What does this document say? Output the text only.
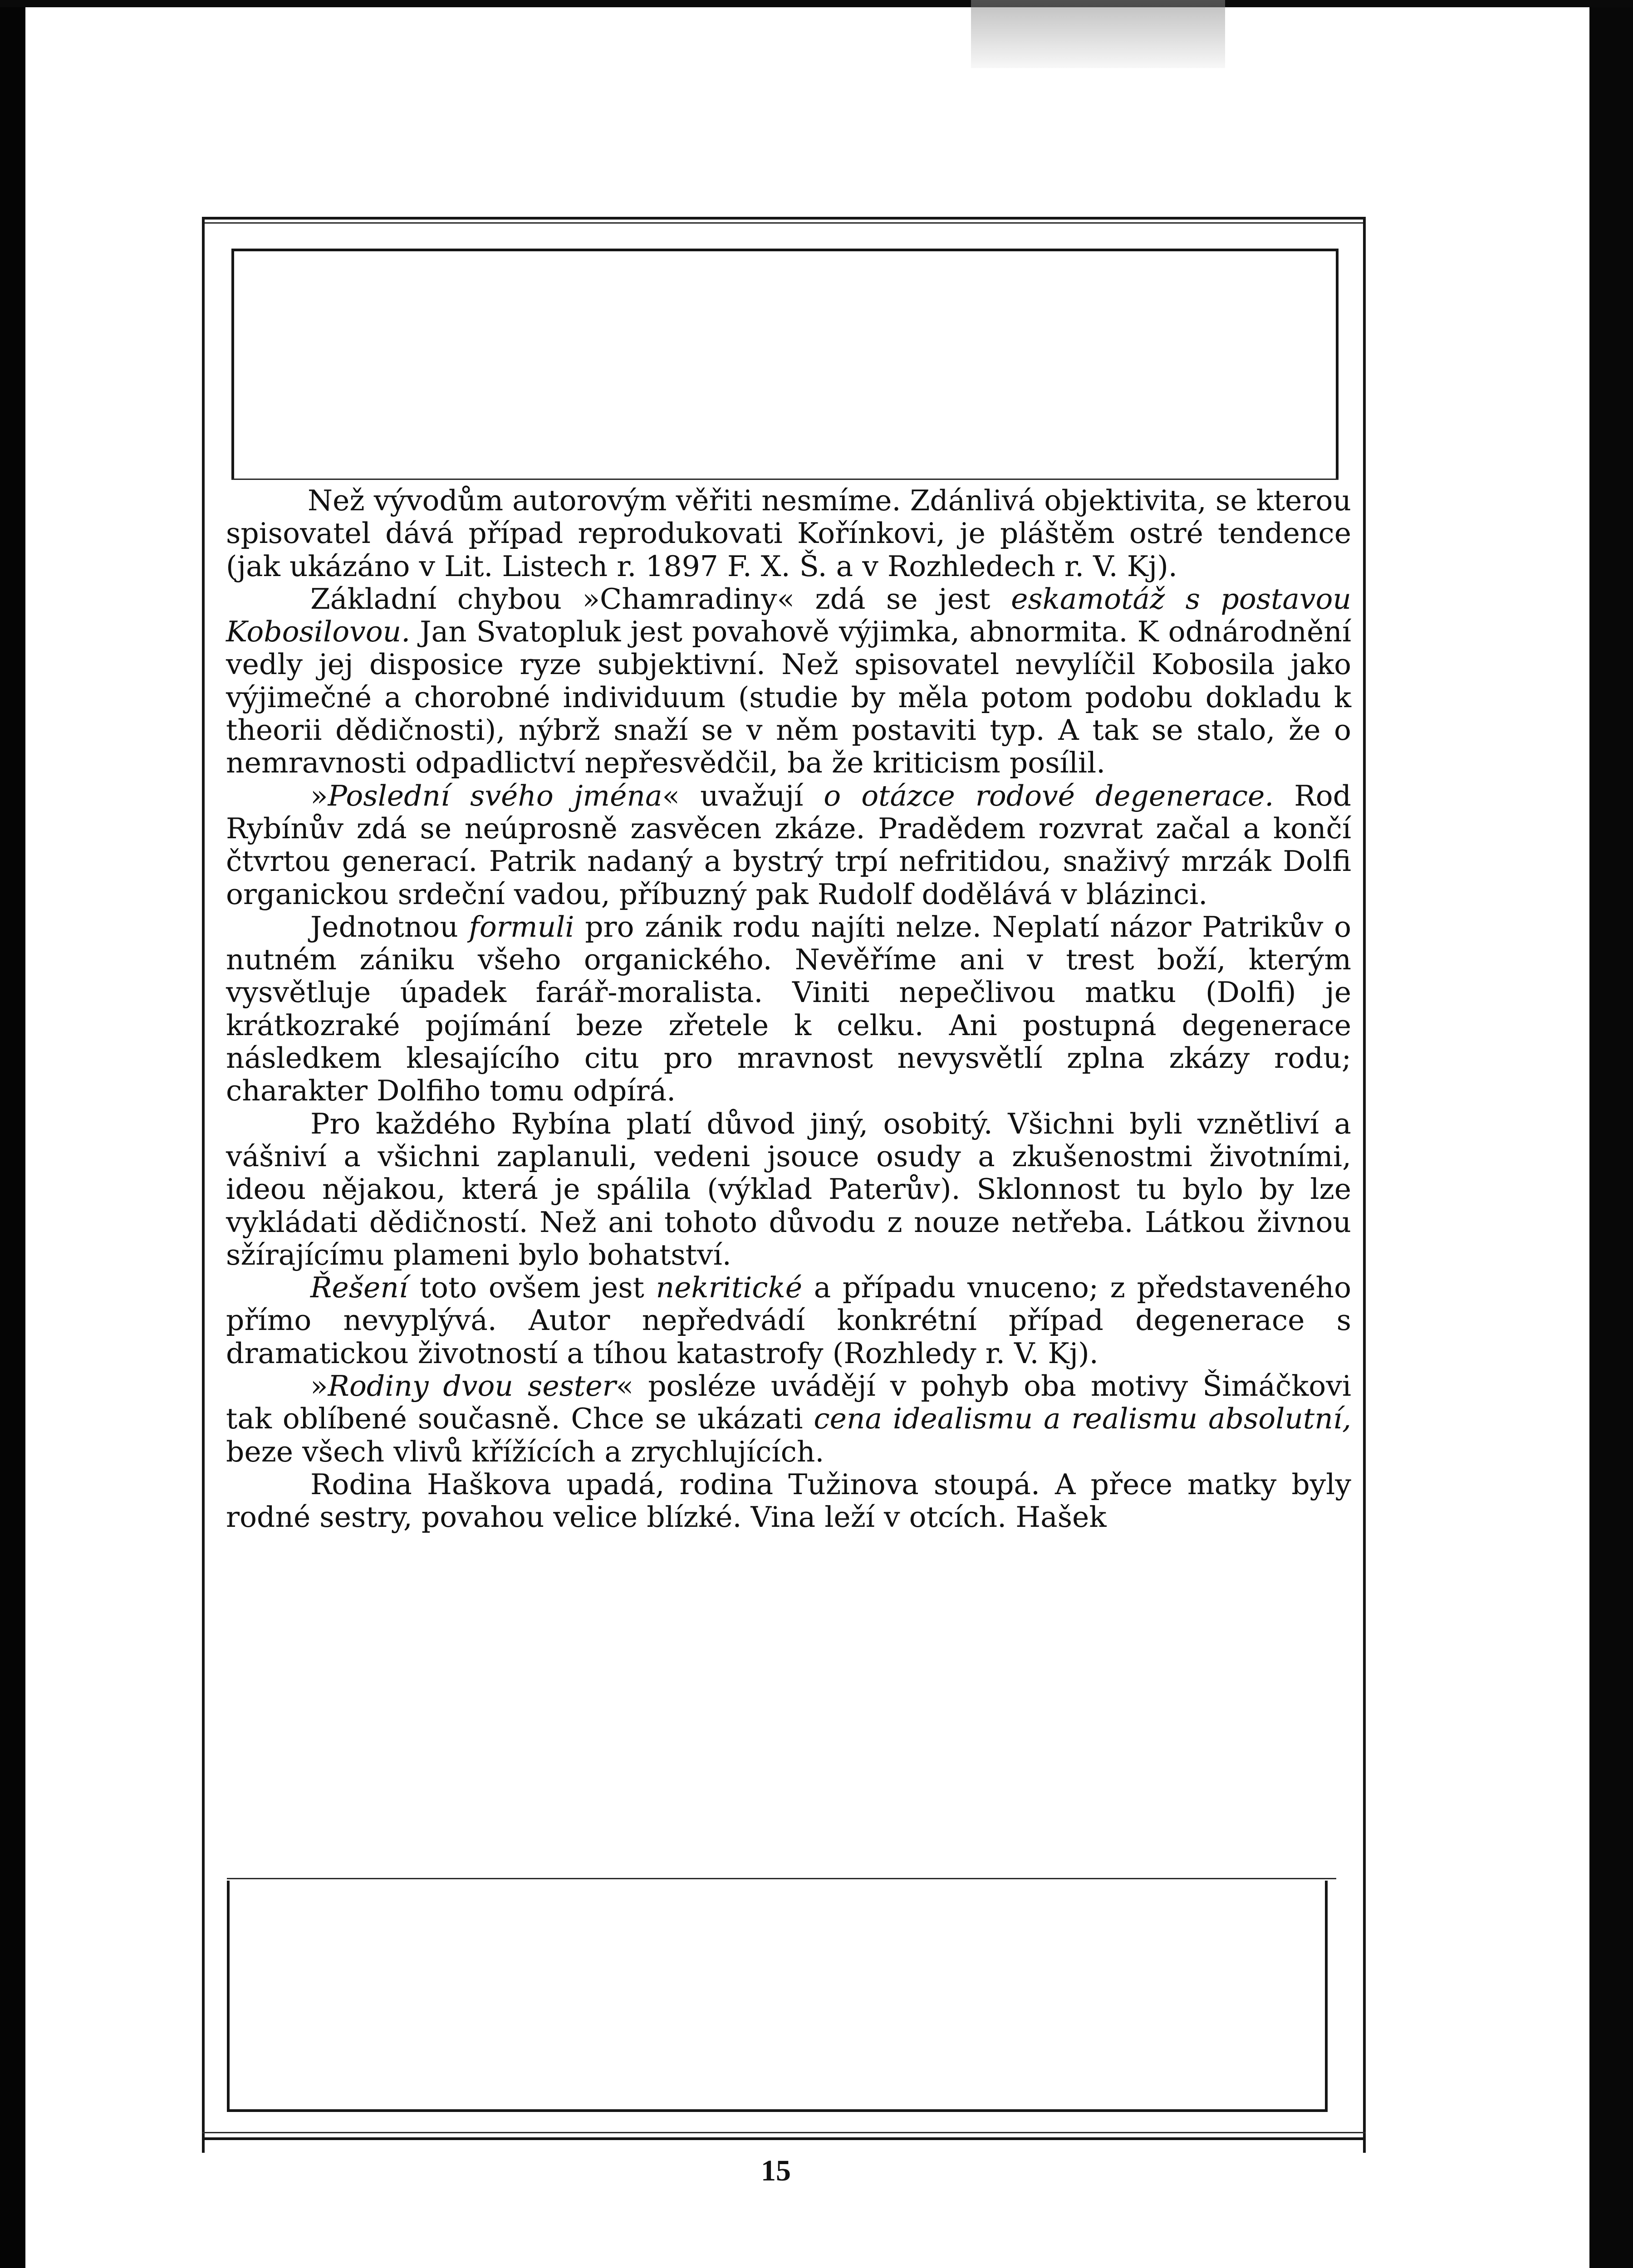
Než vývodům autorovým věřiti nesmíme. Zdánlivá objektivita, se kterou spisovatel dává případ reprodukovati Kořínkovi, je pláštěm ostré tendence (jak ukázáno v Lit. Listech r. 1897 F. X. Š. a v Rozhledech r. V. Kj).

Základní chybou »Chamradiny« zdá se jest eskamotáž s postavou Kobosilovou. Jan Svatopluk jest povahově výjimka, abnormita. K odnárodnění vedly jej disposice ryze subjektivní. Než spisovatel nevylíčil Kobosila jako výjimečné a chorobné individuum (studie by měla potom podobu dokladu k theorii dědičnosti), nýbrž snaží se v něm postaviti typ. A tak se stalo, že o nemravnosti odpadlictví nepřesvědčil, ba že kriticism posílil.

»Poslední svého jména« uvažují o otázce rodové degenerace. Rod Rybínův zdá se neúprosně zasvěcen zkáze. Pradědem rozvrat začal a končí čtvrtou generací. Patrik nadaný a bystrý trpí nefritidou, snaživý mrzák Dolfi organickou srdeční vadou, příbuzný pak Rudolf dodělává v blázinci.

Jednotnou formuli pro zánik rodu najíti nelze. Neplatí názor Patrikův o nutném zániku všeho organického. Nevěříme ani v trest boží, kterým vysvětluje úpadek farář-moralista. Viniti nepečlivou matku (Dolfi) je krátkozraké pojímání beze zřetele k celku. Ani postupná degenerace následkem klesajícího citu pro mravnost nevysvětlí zplna zkázy rodu; charakter Dolfiho tomu odpírá.

Pro každého Rybína platí důvod jiný, osobitý. Všichni byli vznětliví a vášniví a všichni zaplanuli, vedeni jsouce osudy a zkušenostmi životními, ideou nějakou, která je spálila (výklad Paterův). Sklonnost tu bylo by lze vykládati dědičností. Než ani tohoto důvodu z nouze netřeba. Látkou živnou sžírajícímu plameni bylo bohatství.

Řešení toto ovšem jest nekritické a případu vnuceno; z představeného přímo nevyplývá. Autor nepředvádí konkrétní případ degenerace s dramatickou životností a tíhou katastrofy (Rozhledy r. V. Kj).

»Rodiny dvou sester« posléze uvádějí v pohyb oba motivy Šimáčkovi tak oblíbené současně. Chce se ukázati cena idealismu a realismu absolutní, beze všech vlivů křížících a zrychlujících.

Rodina Haškova upadá, rodina Tužinova stoupá. A přece matky byly rodné sestry, povahou velice blízké. Vina leží v otcích. Hašek

15
